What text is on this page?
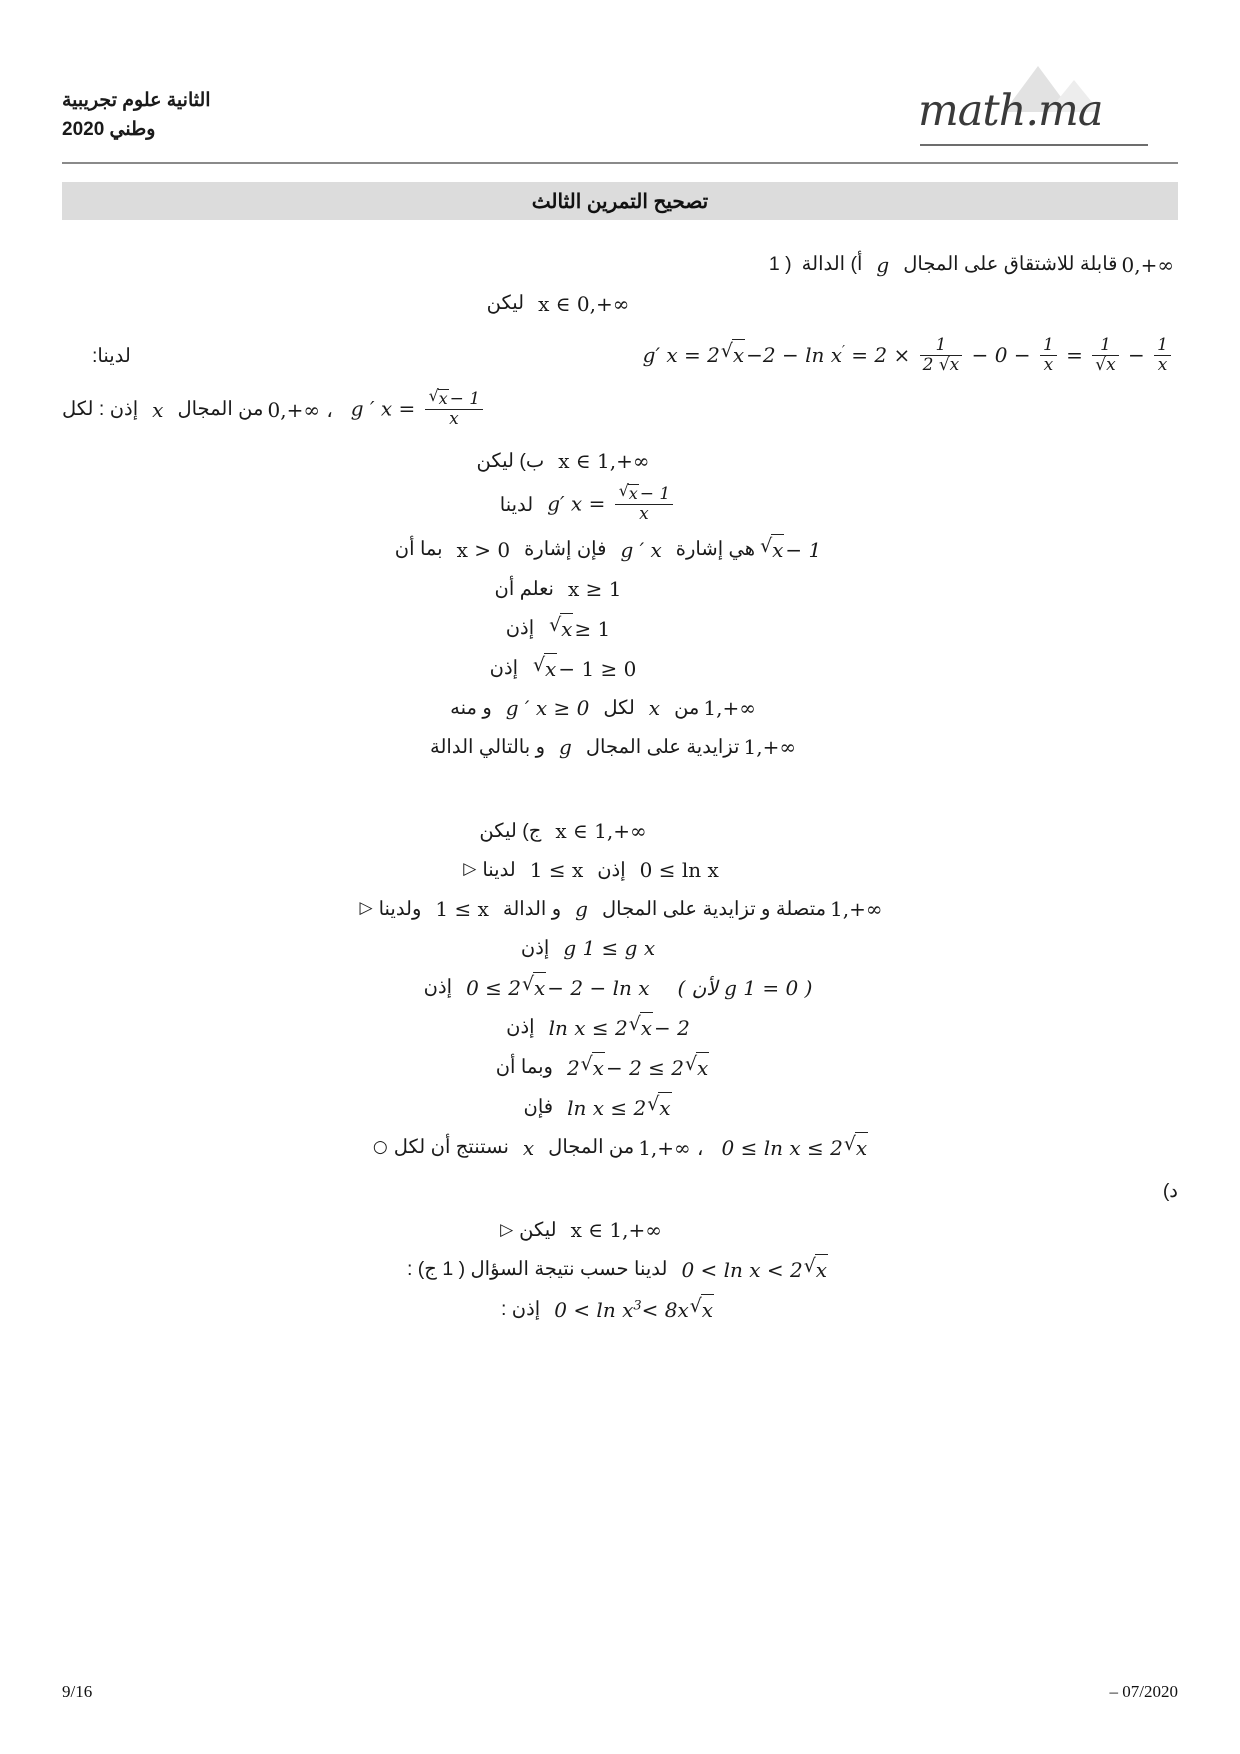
الثانية علوم تجريبية
وطني 2020	math.ma
تصحيح التمرين الثالث
0,+∞
قابلة للاشتقاق على المجال
g
أ) الدالة
( 1
x ∈ 0,+∞
ليكن
g′ x = 2 √ $x -2 - \ln x' = 2 \times \frac{1}{2 √x} - 0 - \frac{1}{x} = \frac{1}{√x} - \frac{1}{x}$
لدينا:
g ′ x = √ $\frac{x - 1}{x}$
0,+∞ ،
من المجال
x
إذن : لكل
x ∈ 1,+∞
ب) ليكن
g′ x = √ $\frac{x - 1}{x}$
لدينا
√ x − 1
هي إشارة
g ′ x
فإن إشارة
x > 0
بما أن
x ≥ 1
نعلم أن
√ x ≥ 1
إذن
√ x − 1 ≥ 0
إذن
1,+∞
من
x
لكل
g ′ x ≥ 0
و منه
1,+∞
تزايدية على المجال
g
و بالتالي الدالة
x ∈ 1,+∞
ج) ليكن
0 ≤ ln x
إذن
1 ≤ x
لدينا
▷
1,+∞
متصلة و تزايدية على المجال
g
و الدالة
1 ≤ x
ولدينا
▷
g 1 ≤ g x
إذن
( لأن g 1 = 0 )
0 ≤ 2 √ x − 2 − ln x
إذن
ln x ≤ 2 √ x − 2
إذن
2 √ x − 2 ≤ 2 √ x
وبما أن
ln x ≤ 2 √ x
فإن
0 ≤ ln x ≤ 2 √ x
1,+∞ ،
من المجال
x
نستنتج أن لكل
○
د)
x ∈ 1,+∞
ليكن
▷
0 < ln x < 2 √ x
لدينا حسب نتيجة السؤال ( 1 ج) :
$0 < \ln x^3< 8x$ √ x
إذن :
9/16	– 07/2020
